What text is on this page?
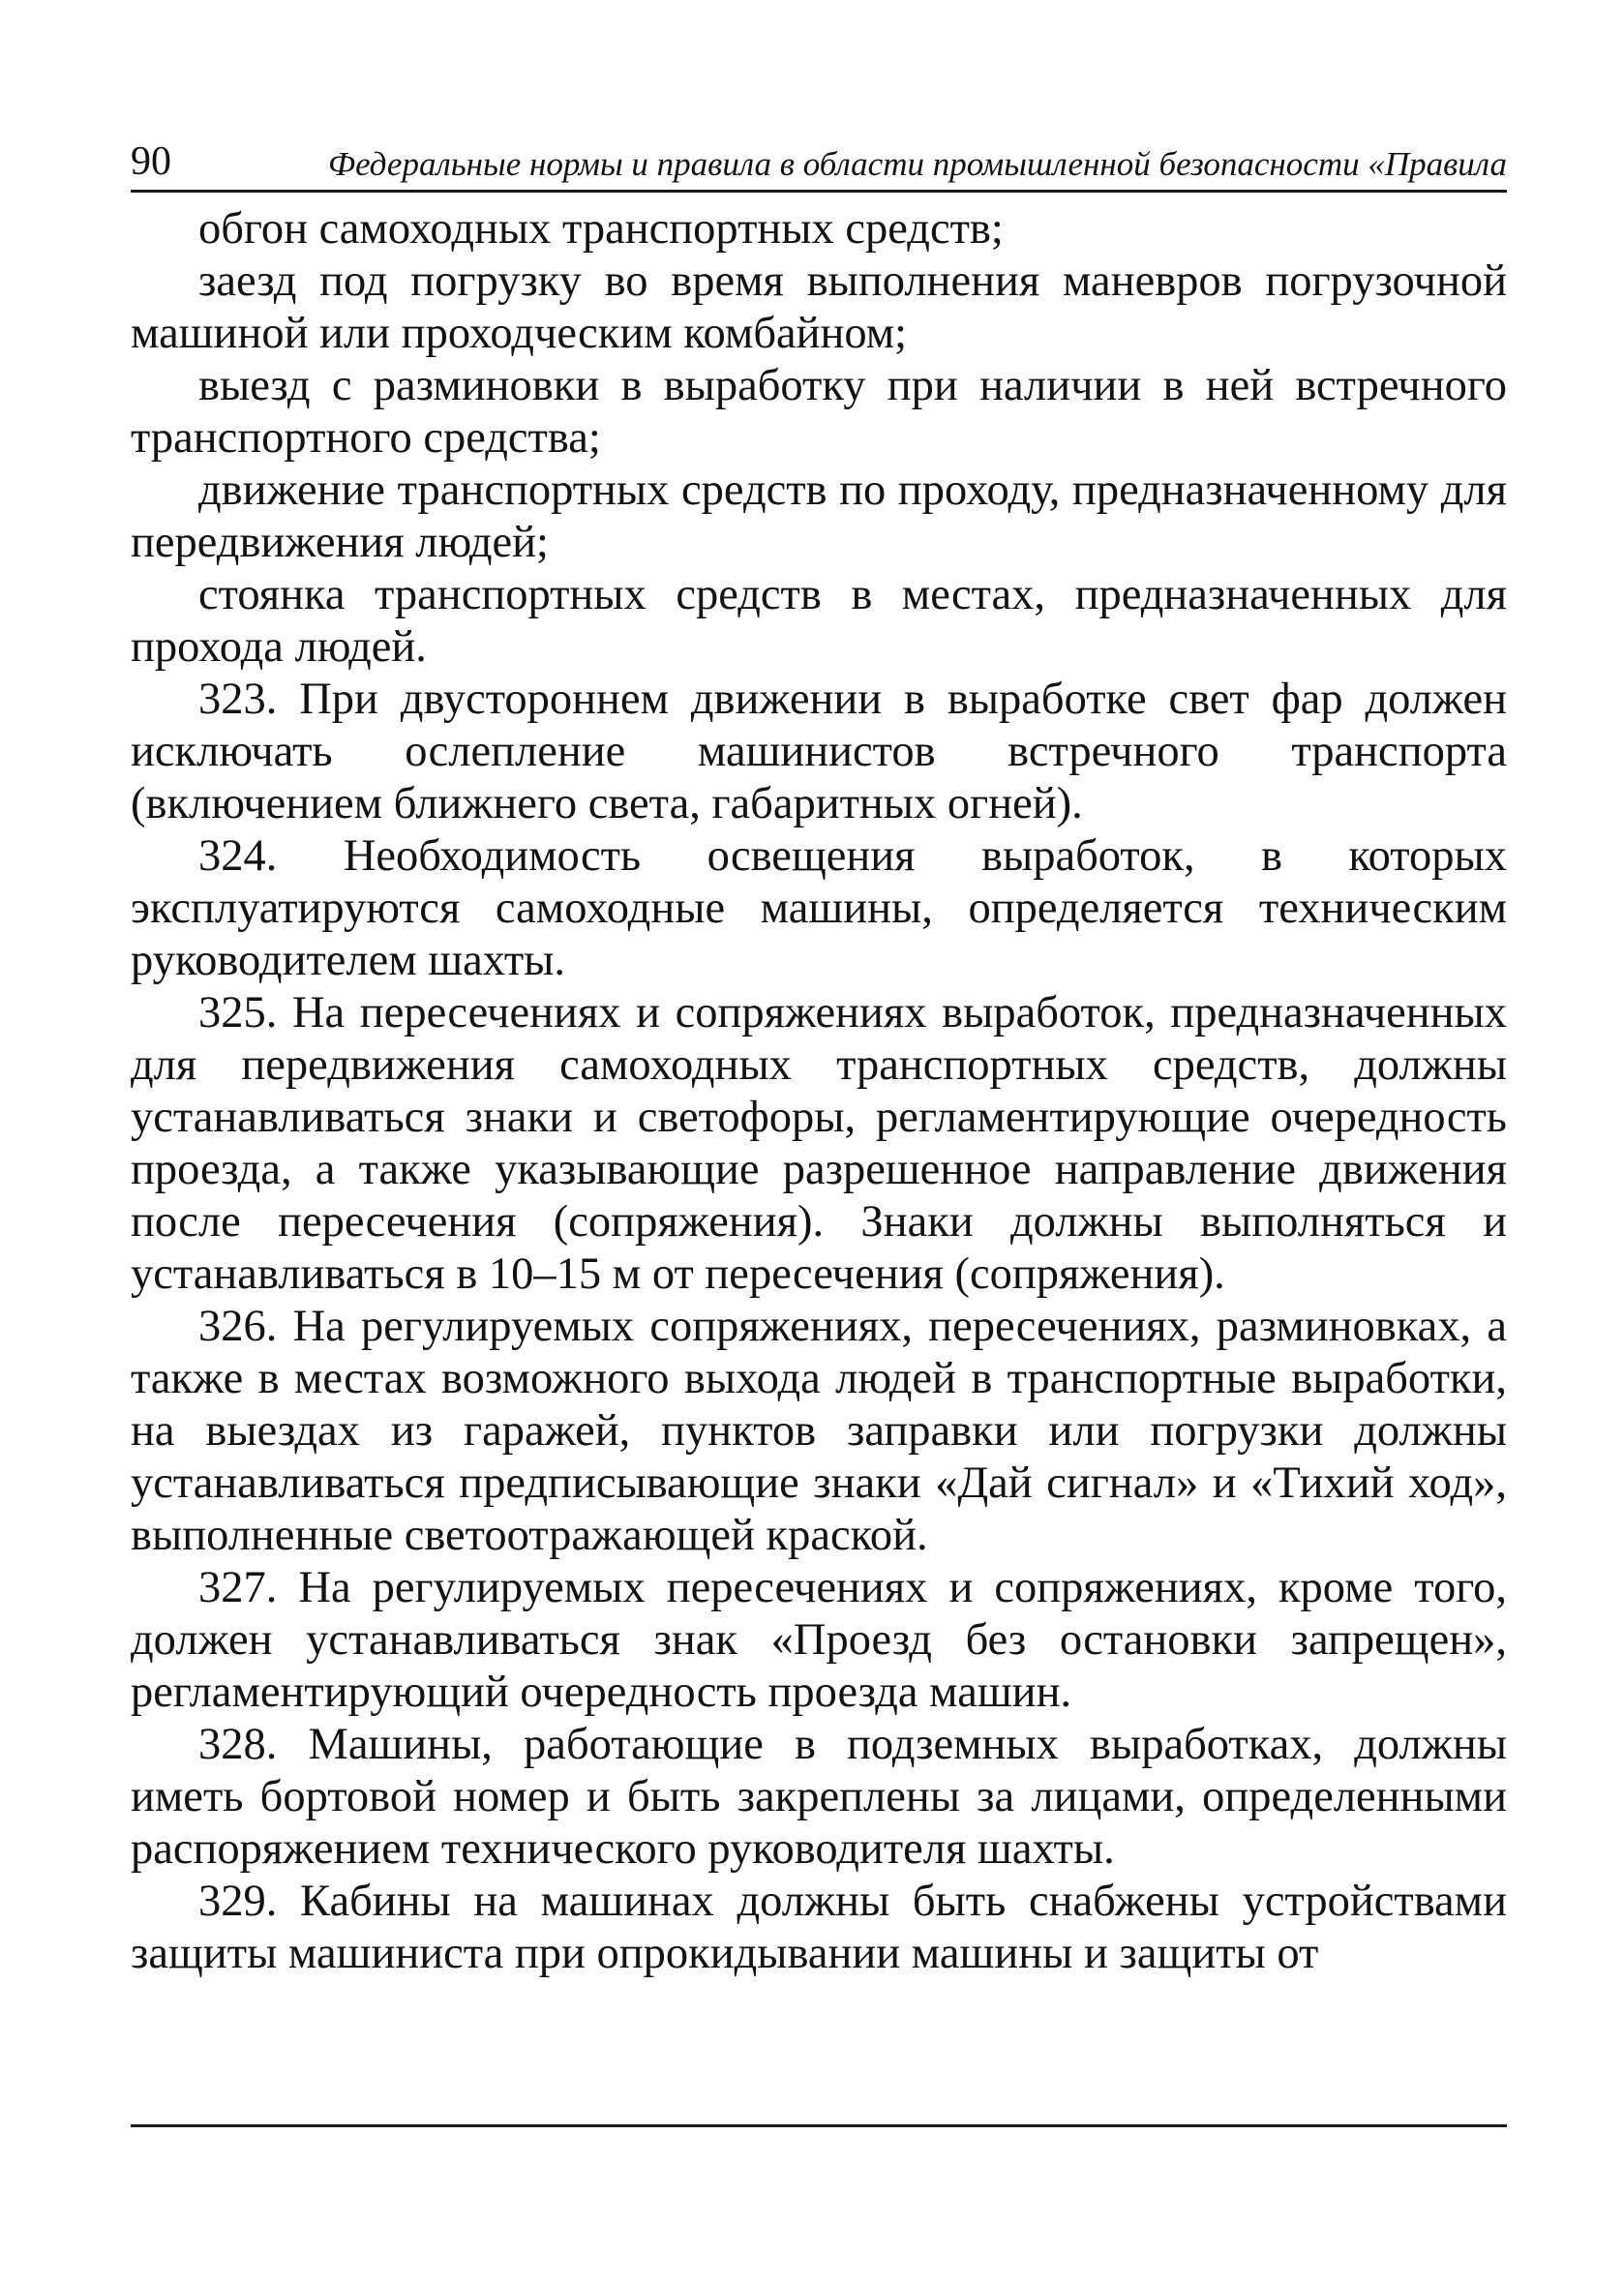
90	Федеральные нормы и правила в области промышленной безопасности «Правила

обгон самоходных транспортных средств;

заезд под погрузку во время выполнения маневров погрузочной машиной или проходческим комбайном;

выезд с разминовки в выработку при наличии в ней встречного транспортного средства;

движение транспортных средств по проходу, предназначенному для передвижения людей;

стоянка транспортных средств в местах, предназначенных для прохода людей.

323. При двустороннем движении в выработке свет фар должен исключать ослепление машинистов встречного транспорта (включением ближнего света, габаритных огней).

324. Необходимость освещения выработок, в которых эксплуатируются самоходные машины, определяется техническим руководителем шахты.

325. На пересечениях и сопряжениях выработок, предназначенных для передвижения самоходных транспортных средств, должны устанавливаться знаки и светофоры, регламентирующие очередность проезда, а также указывающие разрешенное направление движения после пересечения (сопряжения). Знаки должны выполняться и устанавливаться в 10–15 м от пересечения (сопряжения).

326. На регулируемых сопряжениях, пересечениях, разминовках, а также в местах возможного выхода людей в транспортные выработки, на выездах из гаражей, пунктов заправки или погрузки должны устанавливаться предписывающие знаки «Дай сигнал» и «Тихий ход», выполненные светоотражающей краской.

327. На регулируемых пересечениях и сопряжениях, кроме того, должен устанавливаться знак «Проезд без остановки запрещен», регламентирующий очередность проезда машин.

328. Машины, работающие в подземных выработках, должны иметь бортовой номер и быть закреплены за лицами, определенными распоряжением технического руководителя шахты.

329. Кабины на машинах должны быть снабжены устройствами защиты машиниста при опрокидывании машины и защиты от
